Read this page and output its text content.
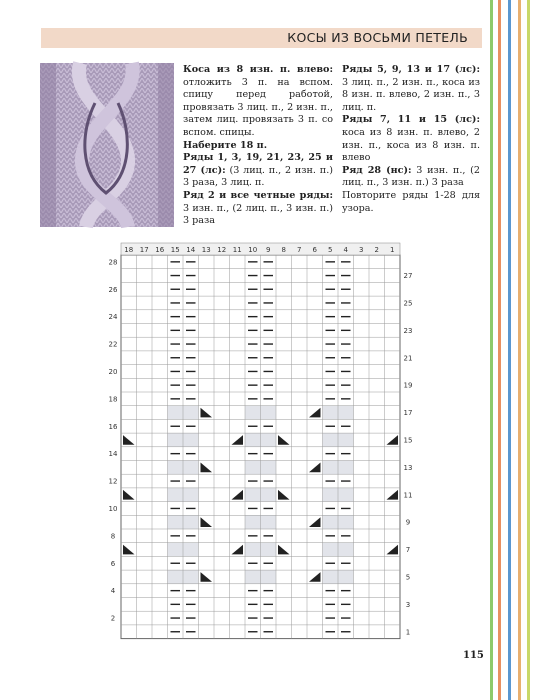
КОСЫ ИЗ ВОСЬМИ ПЕТЕЛЬ

Коса из 8 изн. п. влево: отложить 3 п. на вспом. спицу перед работой, провязать 3 лиц. п., 2 изн. п., затем лиц. провязать 3 п. со вспом. спицы.

Наберите 18 п.

Ряды 1, 3, 19, 21, 23, 25 и 27 (лс): (3 лиц. п., 2 изн. п.) 3 раза, 3 лиц. п.

Ряд 2 и все четные ряды: 3 изн. п., (2 лиц. п., 3 изн. п.) 3 раза

Ряды 5, 9, 13 и 17 (лс): 3 лиц. п., 2 изн. п., коса из 8 изн. п. влево, 2 изн. п., 3 лиц. п.

Ряды 7, 11 и 15 (лс): коса из 8 изн. п. влево, 2 изн. п., коса из 8 изн. п. влево

Ряд 28 (нс): 3 изн. п., (2 лиц. п., 3 изн. п.) 3 раза

Повторите ряды 1-28 для узора.

18 17 16 15 14 13 12 11 10 9 8 7 6 5 4 3 2 1
1
2
3
4
5
6
7
8
9
10
11
12
13
14
15
16
17
18
19
20
21
22
23
24
25
26
27
28
115
